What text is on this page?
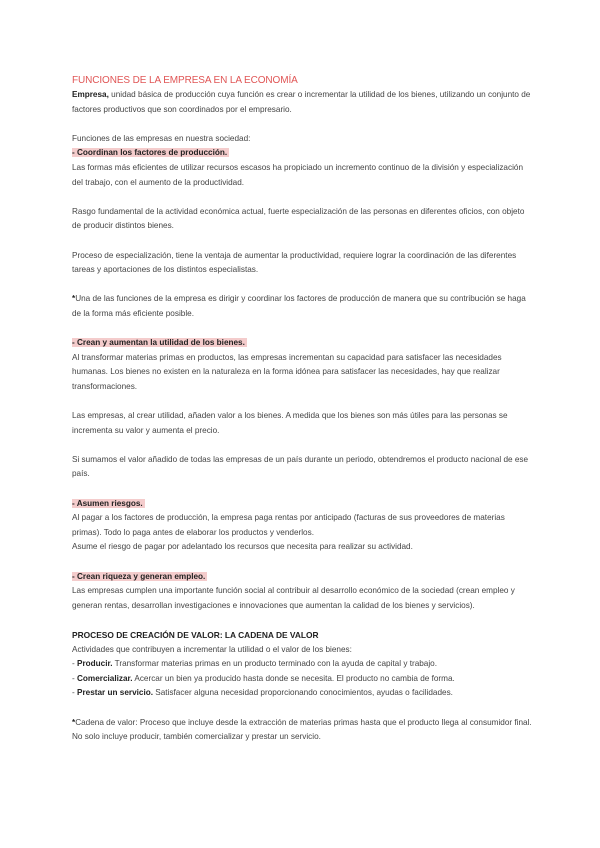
FUNCIONES DE LA EMPRESA EN LA ECONOMÍA

Empresa, unidad básica de producción cuya función es crear o incrementar la utilidad de los bienes, utilizando un conjunto de factores productivos que son coordinados por el empresario.

Funciones de las empresas en nuestra sociedad:

- Coordinan los factores de producción.

Las formas más eficientes de utilizar recursos escasos ha propiciado un incremento continuo de la división y especialización del trabajo, con el aumento de la productividad.

Rasgo fundamental de la actividad económica actual, fuerte especialización de las personas en diferentes oficios, con objeto de producir distintos bienes.

Proceso de especialización, tiene la ventaja de aumentar la productividad, requiere lograr la coordinación de las diferentes tareas y aportaciones de los distintos especialistas.

*Una de las funciones de la empresa es dirigir y coordinar los factores de producción de manera que su contribución se haga de la forma más eficiente posible.

- Crean y aumentan la utilidad de los bienes.

Al transformar materias primas en productos, las empresas incrementan su capacidad para satisfacer las necesidades humanas. Los bienes no existen en la naturaleza en la forma idónea para satisfacer las necesidades, hay que realizar transformaciones.

Las empresas, al crear utilidad, añaden valor a los bienes. A medida que los bienes son más útiles para las personas se incrementa su valor y aumenta el precio.

Si sumamos el valor añadido de todas las empresas de un país durante un periodo, obtendremos el producto nacional de ese país.

- Asumen riesgos.

Al pagar a los factores de producción, la empresa paga rentas por anticipado (facturas de sus proveedores de materias primas). Todo lo paga antes de elaborar los productos y venderlos.

Asume el riesgo de pagar por adelantado los recursos que necesita para realizar su actividad.

- Crean riqueza y generan empleo.

Las empresas cumplen una importante función social al contribuir al desarrollo económico de la sociedad (crean empleo y generan rentas, desarrollan investigaciones e innovaciones que aumentan la calidad de los bienes y servicios).

PROCESO DE CREACIÓN DE VALOR: LA CADENA DE VALOR

Actividades que contribuyen a incrementar la utilidad o el valor de los bienes:

- Producir. Transformar materias primas en un producto terminado con la ayuda de capital y trabajo.

- Comercializar. Acercar un bien ya producido hasta donde se necesita. El producto no cambia de forma.

- Prestar un servicio. Satisfacer alguna necesidad proporcionando conocimientos, ayudas o facilidades.

*Cadena de valor: Proceso que incluye desde la extracción de materias primas hasta que el producto llega al consumidor final. No solo incluye producir, también comercializar y prestar un servicio.
